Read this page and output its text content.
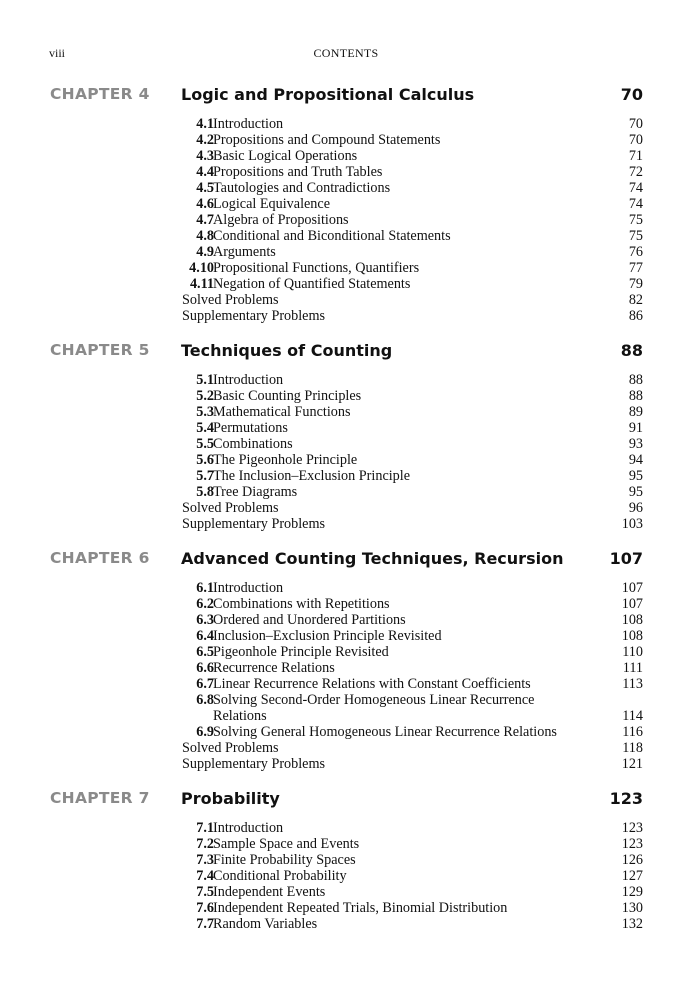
viii	CONTENTS
CHAPTER 4 Logic and Propositional Calculus	70
4.1 Introduction	70
4.2 Propositions and Compound Statements	70
4.3 Basic Logical Operations	71
4.4 Propositions and Truth Tables	72
4.5 Tautologies and Contradictions	74
4.6 Logical Equivalence	74
4.7 Algebra of Propositions	75
4.8 Conditional and Biconditional Statements	75
4.9 Arguments	76
4.10 Propositional Functions, Quantifiers	77
4.11 Negation of Quantified Statements	79
Solved Problems	82
Supplementary Problems	86
CHAPTER 5 Techniques of Counting	88
5.1 Introduction	88
5.2 Basic Counting Principles	88
5.3 Mathematical Functions	89
5.4 Permutations	91
5.5 Combinations	93
5.6 The Pigeonhole Principle	94
5.7 The Inclusion–Exclusion Principle	95
5.8 Tree Diagrams	95
Solved Problems	96
Supplementary Problems	103
CHAPTER 6 Advanced Counting Techniques, Recursion	107
6.1 Introduction	107
6.2 Combinations with Repetitions	107
6.3 Ordered and Unordered Partitions	108
6.4 Inclusion–Exclusion Principle Revisited	108
6.5 Pigeonhole Principle Revisited	110
6.6 Recurrence Relations	111
6.7 Linear Recurrence Relations with Constant Coefficients	113
6.8 Solving Second-Order Homogeneous Linear Recurrence
Relations	114
6.9 Solving General Homogeneous Linear Recurrence Relations	116
Solved Problems	118
Supplementary Problems	121
CHAPTER 7 Probability	123
7.1 Introduction	123
7.2 Sample Space and Events	123
7.3 Finite Probability Spaces	126
7.4 Conditional Probability	127
7.5 Independent Events	129
7.6 Independent Repeated Trials, Binomial Distribution	130
7.7 Random Variables	132
